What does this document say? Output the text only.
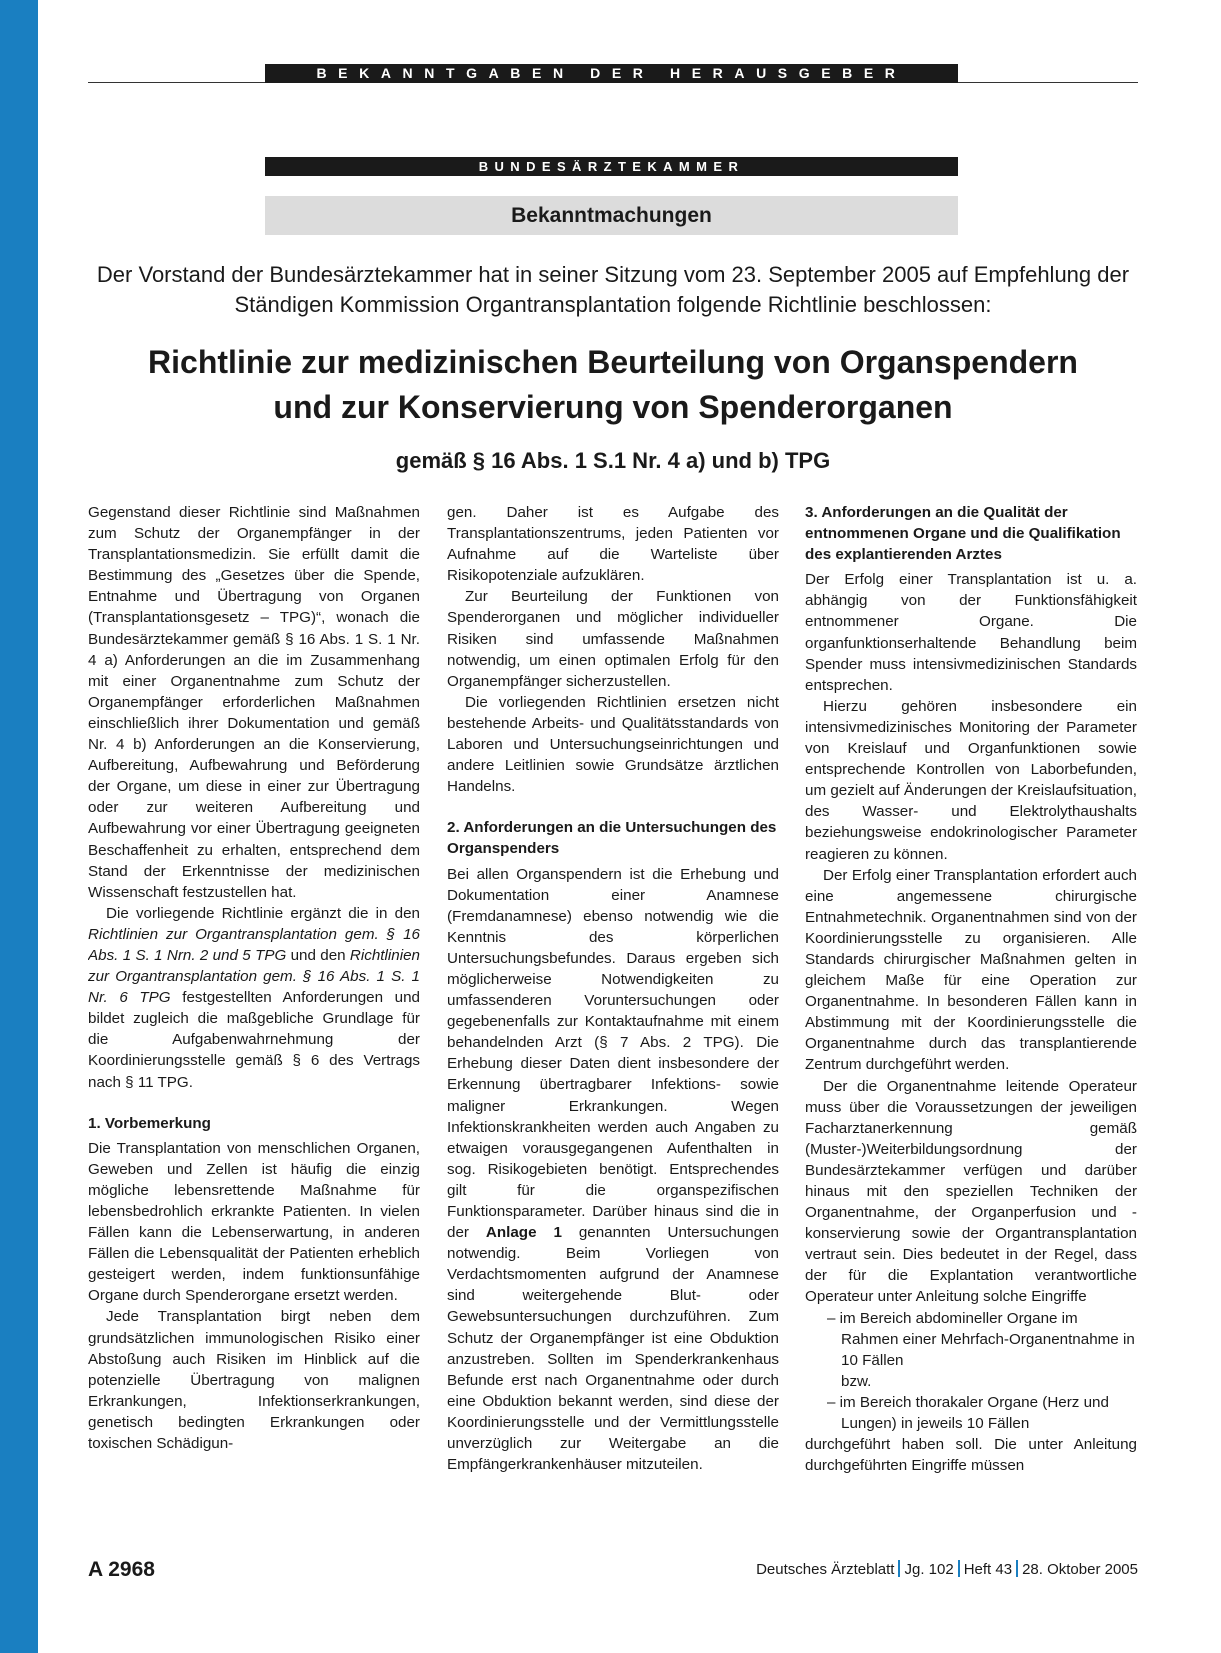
BEKANNTGABEN DER HERAUSGEBER
BUNDESÄRZTEKAMMER
Bekanntmachungen
Der Vorstand der Bundesärztekammer hat in seiner Sitzung vom 23. September 2005 auf Empfehlung der Ständigen Kommission Organtransplantation folgende Richtlinie beschlossen:
Richtlinie zur medizinischen Beurteilung von Organspendern
und zur Konservierung von Spenderorganen
gemäß § 16 Abs. 1 S.1 Nr. 4 a) und b) TPG

Gegenstand dieser Richtlinie sind Maßnahmen zum Schutz der Organempfänger in der Transplantationsmedizin. Sie erfüllt damit die Bestimmung des „Gesetzes über die Spende, Entnahme und Übertragung von Organen (Transplantationsgesetz – TPG)“, wonach die Bundesärztekammer gemäß § 16 Abs. 1 S. 1 Nr. 4 a) Anforderungen an die im Zusammenhang mit einer Organentnahme zum Schutz der Organempfänger erforderlichen Maßnahmen einschließlich ihrer Dokumentation und gemäß Nr. 4 b) Anforderungen an die Konservierung, Aufbereitung, Aufbewahrung und Beförderung der Organe, um diese in einer zur Übertragung oder zur weiteren Aufbereitung und Aufbewahrung vor einer Übertragung geeigneten Beschaffenheit zu erhalten, entsprechend dem Stand der Erkenntnisse der medizinischen Wissenschaft festzustellen hat.

Die vorliegende Richtlinie ergänzt die in den Richtlinien zur Organtransplantation gem. § 16 Abs. 1 S. 1 Nrn. 2 und 5 TPG und den Richtlinien zur Organtransplantation gem. § 16 Abs. 1 S. 1 Nr. 6 TPG festgestellten Anforderungen und bildet zugleich die maßgebliche Grundlage für die Aufgabenwahrnehmung der Koordinierungsstelle gemäß § 6 des Vertrags nach § 11 TPG.

1. Vorbemerkung

Die Transplantation von menschlichen Organen, Geweben und Zellen ist häufig die einzig mögliche lebensrettende Maßnahme für lebensbedrohlich erkrankte Patienten. In vielen Fällen kann die Lebenserwartung, in anderen Fällen die Lebensqualität der Patienten erheblich gesteigert werden, indem funktionsunfähige Organe durch Spenderorgane ersetzt werden.

Jede Transplantation birgt neben dem grundsätzlichen immunologischen Risiko einer Abstoßung auch Risiken im Hinblick auf die potenzielle Übertragung von malignen Erkrankungen, Infektionserkrankungen, genetisch bedingten Erkrankungen oder toxischen Schädigun-

gen. Daher ist es Aufgabe des Transplantationszentrums, jeden Patienten vor Aufnahme auf die Warteliste über Risikopotenziale aufzuklären.

Zur Beurteilung der Funktionen von Spenderorganen und möglicher individueller Risiken sind umfassende Maßnahmen notwendig, um einen optimalen Erfolg für den Organempfänger sicherzustellen.

Die vorliegenden Richtlinien ersetzen nicht bestehende Arbeits- und Qualitätsstandards von Laboren und Untersuchungseinrichtungen und andere Leitlinien sowie Grundsätze ärztlichen Handelns.

2. Anforderungen an die Untersuchungen des Organspenders

Bei allen Organspendern ist die Erhebung und Dokumentation einer Anamnese (Fremdanamnese) ebenso notwendig wie die Kenntnis des körperlichen Untersuchungsbefundes. Daraus ergeben sich möglicherweise Notwendigkeiten zu umfassenderen Voruntersuchungen oder gegebenenfalls zur Kontaktaufnahme mit einem behandelnden Arzt (§ 7 Abs. 2 TPG). Die Erhebung dieser Daten dient insbesondere der Erkennung übertragbarer Infektions- sowie maligner Erkrankungen. Wegen Infektionskrankheiten werden auch Angaben zu etwaigen vorausgegangenen Aufenthalten in sog. Risikogebieten benötigt. Entsprechendes gilt für die organspezifischen Funktionsparameter. Darüber hinaus sind die in der Anlage 1 genannten Untersuchungen notwendig. Beim Vorliegen von Verdachtsmomenten aufgrund der Anamnese sind weitergehende Blut- oder Gewebsuntersuchungen durchzuführen. Zum Schutz der Organempfänger ist eine Obduktion anzustreben. Sollten im Spenderkrankenhaus Befunde erst nach Organentnahme oder durch eine Obduktion bekannt werden, sind diese der Koordinierungsstelle und der Vermittlungsstelle unverzüglich zur Weitergabe an die Empfängerkrankenhäuser mitzuteilen.

3. Anforderungen an die Qualität der entnommenen Organe und die Qualifikation des explantierenden Arztes

Der Erfolg einer Transplantation ist u. a. abhängig von der Funktionsfähigkeit entnommener Organe. Die organfunktionserhaltende Behandlung beim Spender muss intensivmedizinischen Standards entsprechen.

Hierzu gehören insbesondere ein intensivmedizinisches Monitoring der Parameter von Kreislauf und Organfunktionen sowie entsprechende Kontrollen von Laborbefunden, um gezielt auf Änderungen der Kreislaufsituation, des Wasser- und Elektrolythaushalts beziehungsweise endokrinologischer Parameter reagieren zu können.

Der Erfolg einer Transplantation erfordert auch eine angemessene chirurgische Entnahmetechnik. Organentnahmen sind von der Koordinierungsstelle zu organisieren. Alle Standards chirurgischer Maßnahmen gelten in gleichem Maße für eine Operation zur Organentnahme. In besonderen Fällen kann in Abstimmung mit der Koordinierungsstelle die Organentnahme durch das transplantierende Zentrum durchgeführt werden.

Der die Organentnahme leitende Operateur muss über die Voraussetzungen der jeweiligen Facharztanerkennung gemäß (Muster-)Weiterbildungsordnung der Bundesärztekammer verfügen und darüber hinaus mit den speziellen Techniken der Organentnahme, der Organperfusion und -konservierung sowie der Organtransplantation vertraut sein. Dies bedeutet in der Regel, dass der für die Explantation verantwortliche Operateur unter Anleitung solche Eingriffe

– im Bereich abdomineller Organe im Rahmen einer Mehrfach-Organentnahme in 10 Fällen
bzw.
– im Bereich thorakaler Organe (Herz und Lungen) in jeweils 10 Fällen

durchgeführt haben soll. Die unter Anleitung durchgeführten Eingriffe müssen

A 2968	Deutsches Ärzteblatt Jg. 102 Heft 43 28. Oktober 2005
